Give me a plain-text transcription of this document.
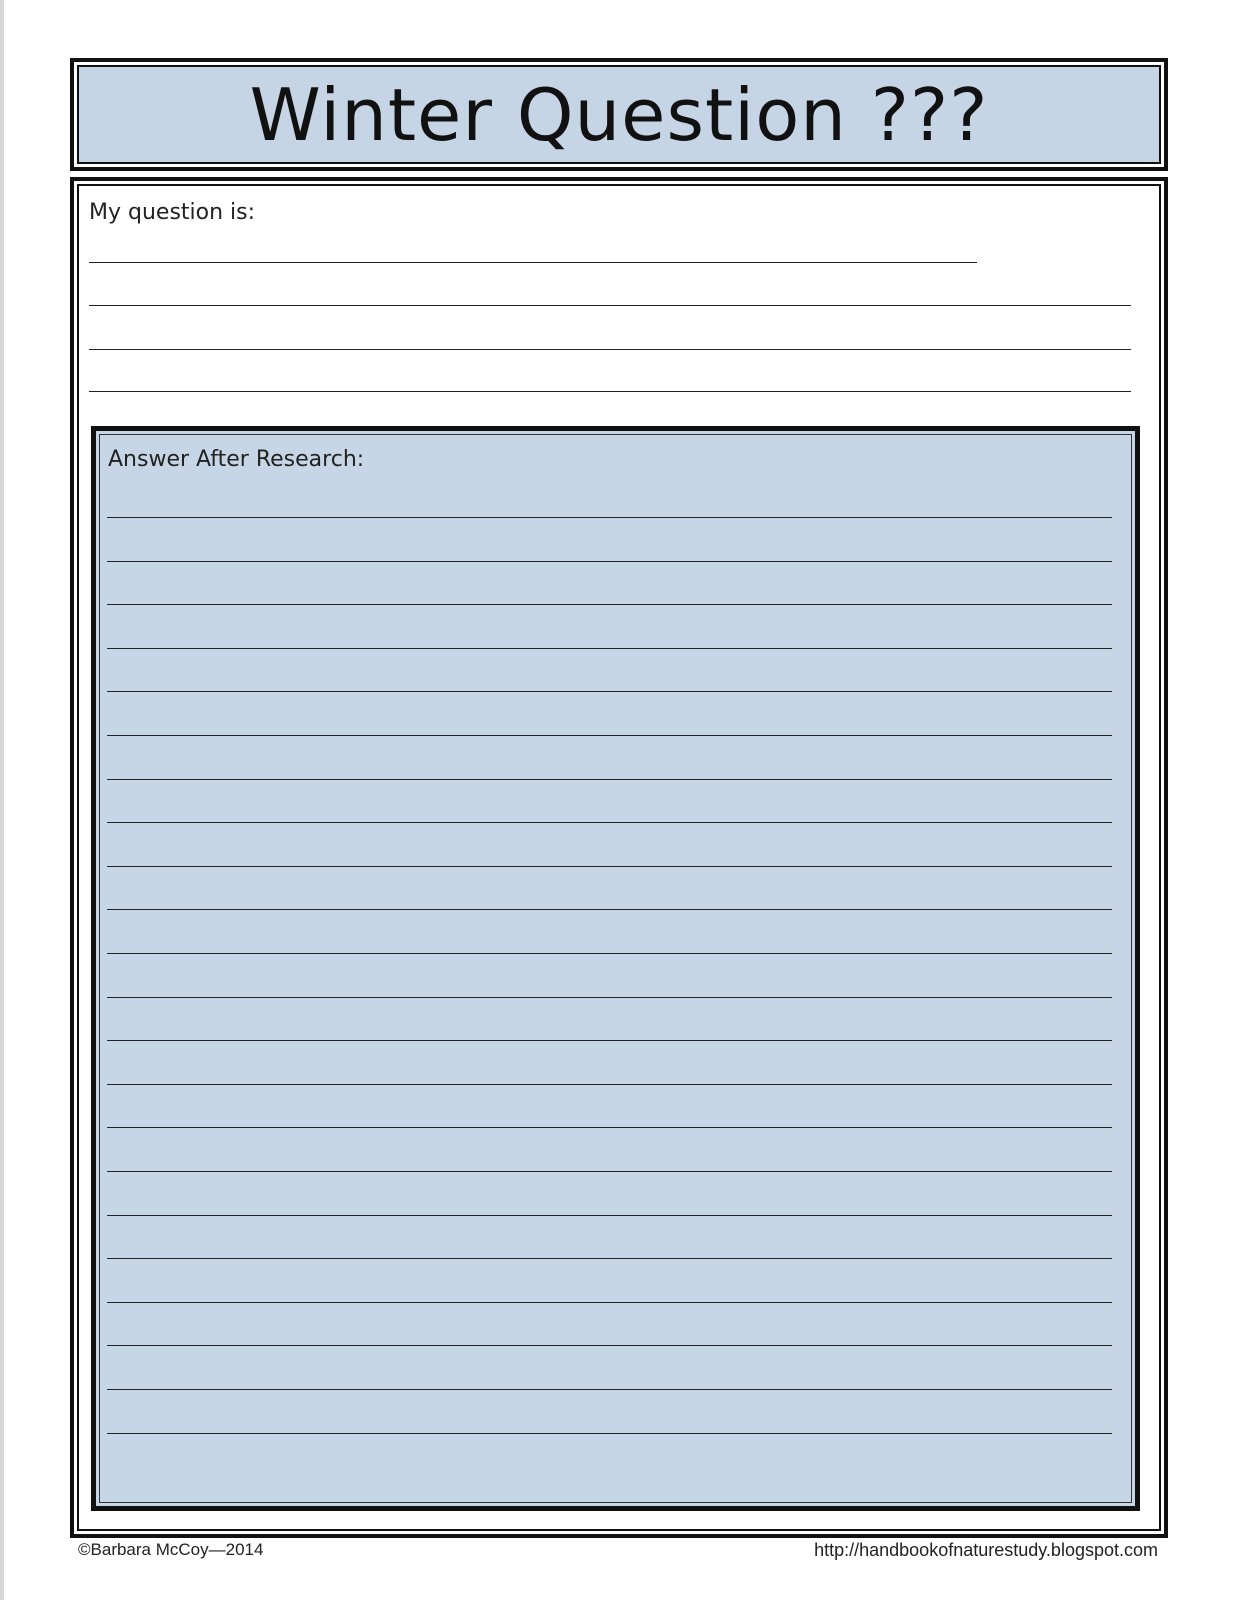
Winter Question ???
My question is:
Answer After Research:
©Barbara McCoy—2014	http://handbookofnaturestudy.blogspot.com
